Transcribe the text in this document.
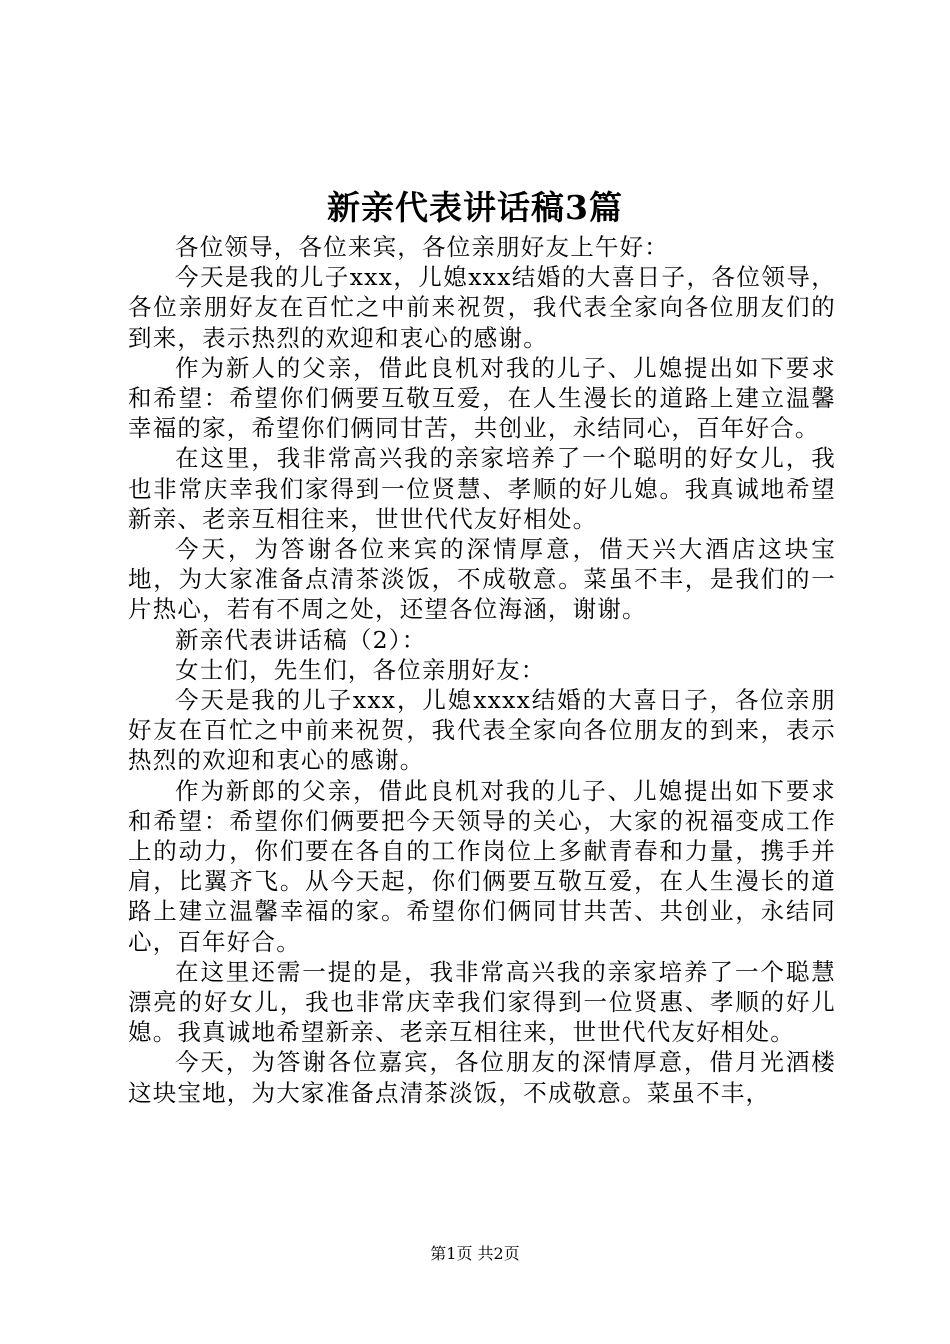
新亲代表讲话稿3篇

各位领导，各位来宾，各位亲朋好友上午好：

今天是我的儿子xxx，儿媳xxx结婚的大喜日子，各位领导，各位亲朋好友在百忙之中前来祝贺，我代表全家向各位朋友们的到来，表示热烈的欢迎和衷心的感谢。

作为新人的父亲，借此良机对我的儿子、儿媳提出如下要求和希望：希望你们俩要互敬互爱，在人生漫长的道路上建立温馨幸福的家，希望你们俩同甘苦，共创业，永结同心，百年好合。

在这里，我非常高兴我的亲家培养了一个聪明的好女儿，我也非常庆幸我们家得到一位贤慧、孝顺的好儿媳。我真诚地希望新亲、老亲互相往来，世世代代友好相处。

今天，为答谢各位来宾的深情厚意，借天兴大酒店这块宝地，为大家准备点清茶淡饭，不成敬意。菜虽不丰，是我们的一片热心，若有不周之处，还望各位海涵，谢谢。

新亲代表讲话稿（2）：

女士们，先生们，各位亲朋好友：

今天是我的儿子xxx，儿媳xxxx结婚的大喜日子，各位亲朋好友在百忙之中前来祝贺，我代表全家向各位朋友的到来，表示热烈的欢迎和衷心的感谢。

作为新郎的父亲，借此良机对我的儿子、儿媳提出如下要求和希望：希望你们俩要把今天领导的关心，大家的祝福变成工作上的动力，你们要在各自的工作岗位上多献青春和力量，携手并肩，比翼齐飞。从今天起，你们俩要互敬互爱，在人生漫长的道路上建立温馨幸福的家。希望你们俩同甘共苦、共创业，永结同心，百年好合。

在这里还需一提的是，我非常高兴我的亲家培养了一个聪慧漂亮的好女儿，我也非常庆幸我们家得到一位贤惠、孝顺的好儿媳。我真诚地希望新亲、老亲互相往来，世世代代友好相处。

今天，为答谢各位嘉宾，各位朋友的深情厚意，借月光酒楼这块宝地，为大家准备点清茶淡饭，不成敬意。菜虽不丰，

第1页 共2页
